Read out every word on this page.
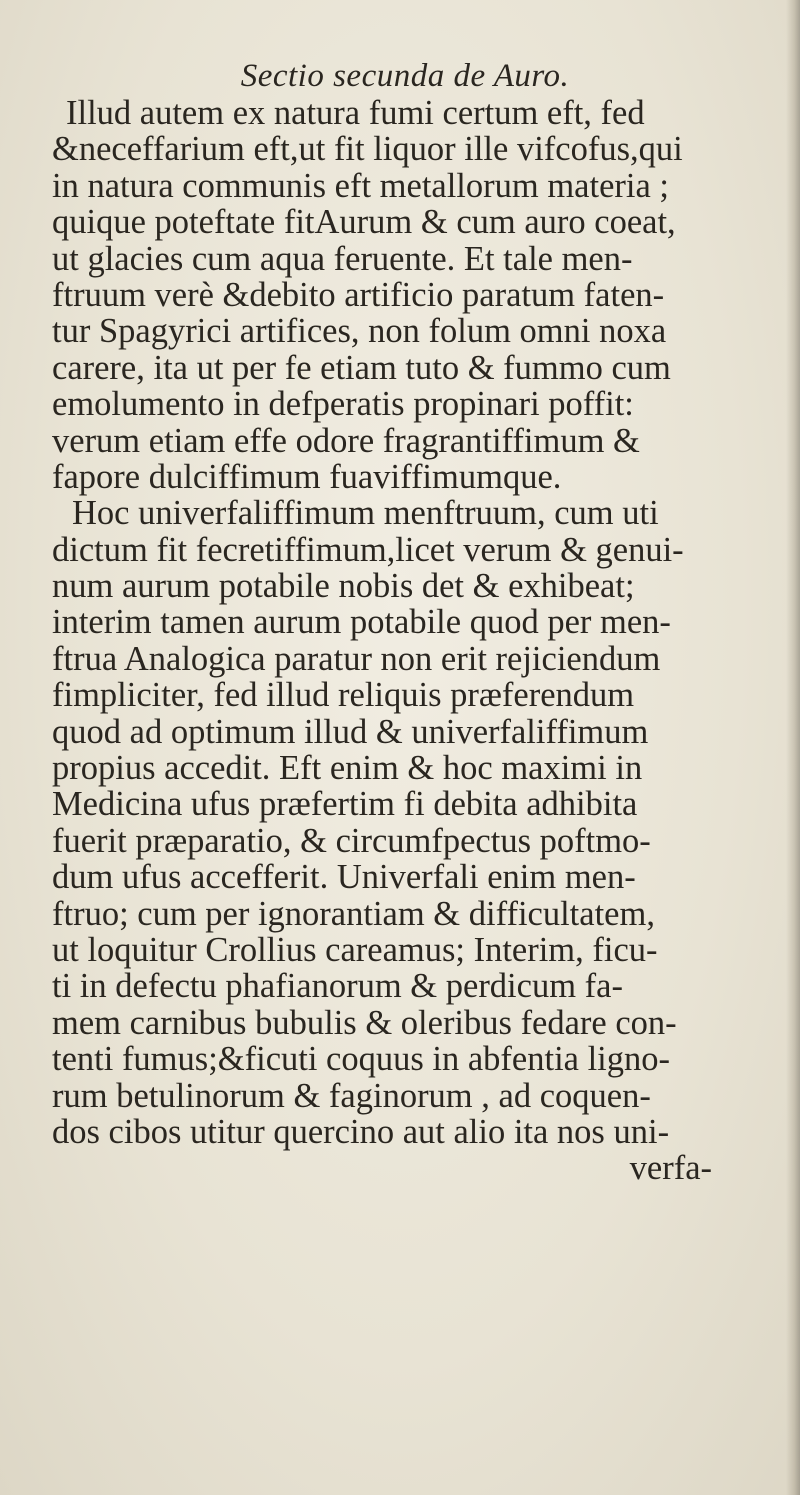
Sectio secunda de Auro.
Illud autem ex natura fumi certum eft, fed
&neceffarium eft,ut fit liquor ille vifcofus,qui
in natura communis eft metallorum materia ;
quique poteftate fitAurum & cum auro coeat,
ut glacies cum aqua feruente. Et tale men-
ftruum verè &debito artificio paratum faten-
tur Spagyrici artifices, non folum omni noxa
carere, ita ut per fe etiam tuto & fummo cum
emolumento in defperatis propinari poffit:
verum etiam effe odore fragrantiffimum &
fapore dulciffimum fuaviffimumque.
Hoc univerfaliffimum menftruum, cum uti
dictum fit fecretiffimum,licet verum & genui-
num aurum potabile nobis det & exhibeat;
interim tamen aurum potabile quod per men-
ftrua Analogica paratur non erit rejiciendum
fimpliciter, fed illud reliquis præferendum
quod ad optimum illud & univerfaliffimum
propius accedit. Eft enim & hoc maximi in
Medicina ufus præfertim fi debita adhibita
fuerit præparatio, & circumfpectus poftmo-
dum ufus accefferit. Univerfali enim men-
ftruo; cum per ignorantiam & difficultatem,
ut loquitur Crollius careamus; Interim, ficu-
ti in defectu phafianorum & perdicum fa-
mem carnibus bubulis & oleribus fedare con-
tenti fumus;&ficuti coquus in abfentia ligno-
rum betulinorum & faginorum , ad coquen-
dos cibos utitur quercino aut alio ita nos uni-
verfa-
